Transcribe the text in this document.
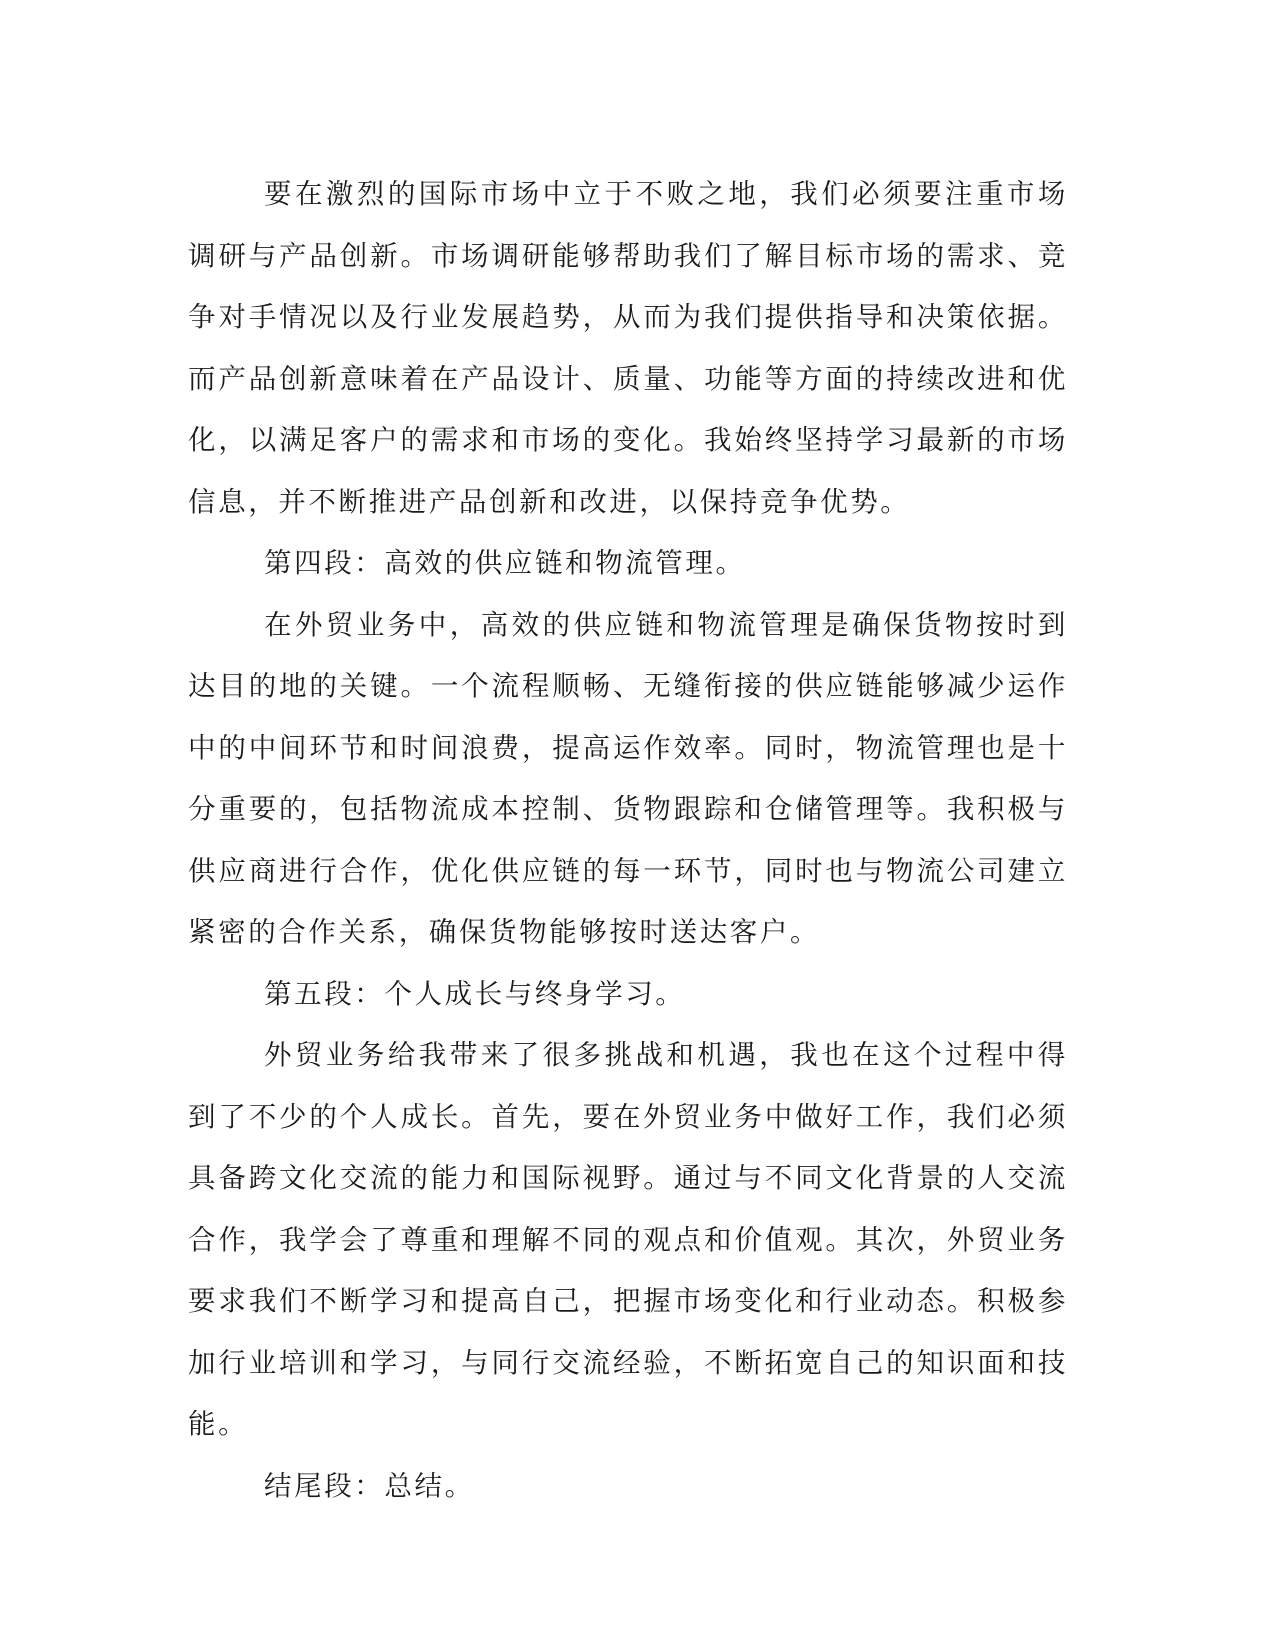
要在激烈的国际市场中立于不败之地，我们必须要注重市场调研与产品创新。市场调研能够帮助我们了解目标市场的需求、竞争对手情况以及行业发展趋势，从而为我们提供指导和决策依据。而产品创新意味着在产品设计、质量、功能等方面的持续改进和优化，以满足客户的需求和市场的变化。我始终坚持学习最新的市场信息，并不断推进产品创新和改进，以保持竞争优势。

第四段：高效的供应链和物流管理。

在外贸业务中，高效的供应链和物流管理是确保货物按时到达目的地的关键。一个流程顺畅、无缝衔接的供应链能够减少运作中的中间环节和时间浪费，提高运作效率。同时，物流管理也是十分重要的，包括物流成本控制、货物跟踪和仓储管理等。我积极与供应商进行合作，优化供应链的每一环节，同时也与物流公司建立紧密的合作关系，确保货物能够按时送达客户。

第五段：个人成长与终身学习。

外贸业务给我带来了很多挑战和机遇，我也在这个过程中得到了不少的个人成长。首先，要在外贸业务中做好工作，我们必须具备跨文化交流的能力和国际视野。通过与不同文化背景的人交流合作，我学会了尊重和理解不同的观点和价值观。其次，外贸业务要求我们不断学习和提高自己，把握市场变化和行业动态。积极参加行业培训和学习，与同行交流经验，不断拓宽自己的知识面和技能。

结尾段：总结。
